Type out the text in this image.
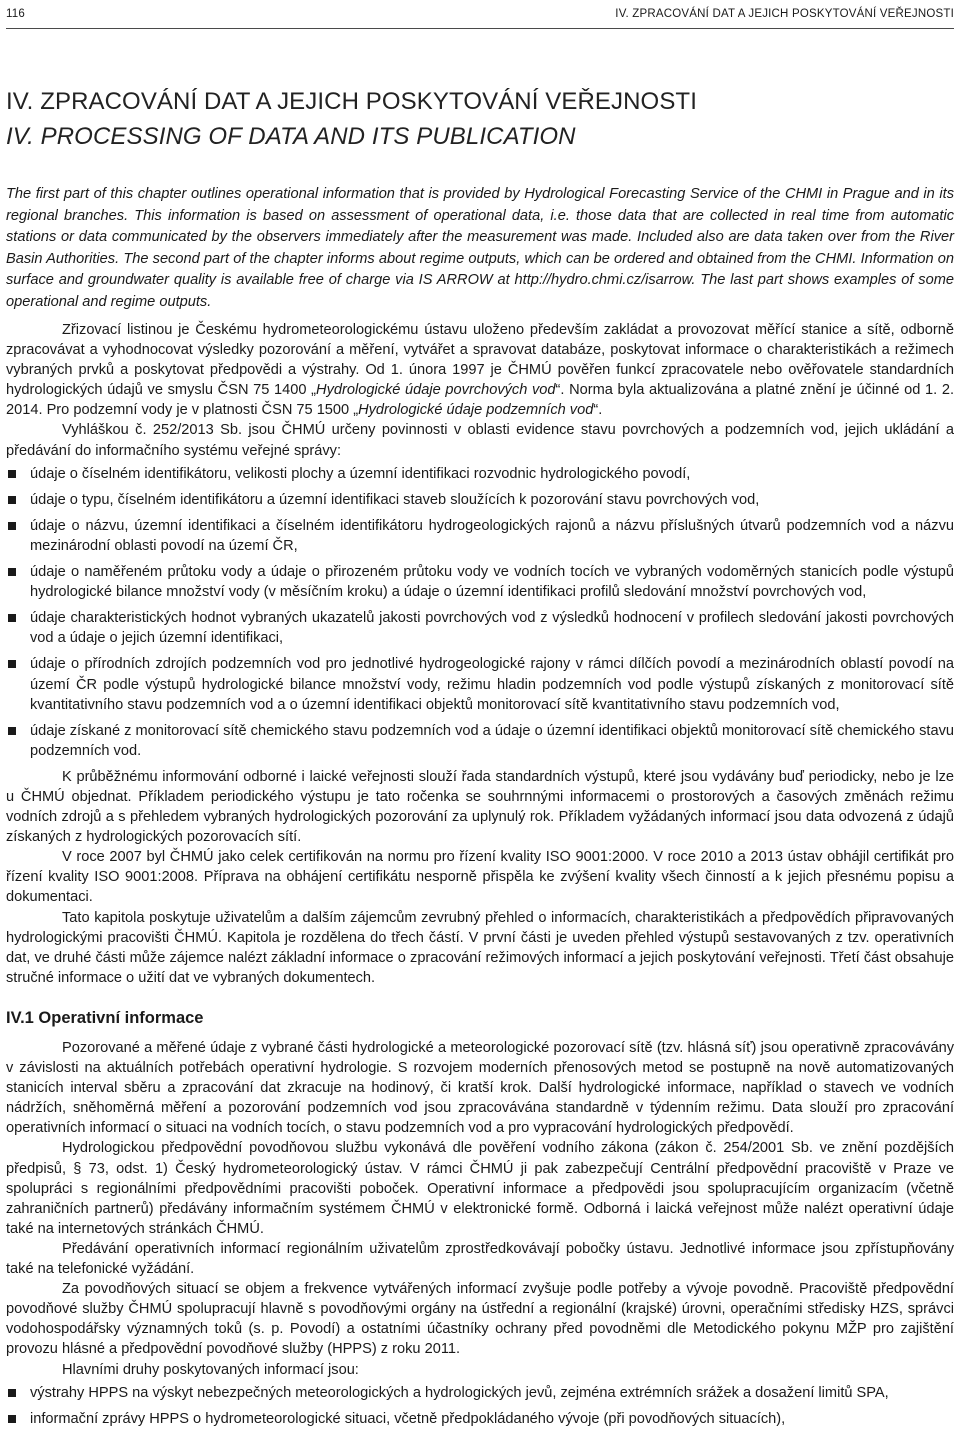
116	IV. ZPRACOVÁNÍ DAT A JEJICH POSKYTOVÁNÍ VEŘEJNOSTI
IV. ZPRACOVÁNÍ DAT A JEJICH POSKYTOVÁNÍ VEŘEJNOSTI
IV. PROCESSING OF DATA AND ITS PUBLICATION

The first part of this chapter outlines operational information that is provided by Hydrological Forecasting Service of the CHMI in Prague and in its regional branches. This information is based on assessment of operational data, i.e. those data that are collected in real time from automatic stations or data communicated by the observers immediately after the measurement was made. Included also are data taken over from the River Basin Authorities. The second part of the chapter informs about regime outputs, which can be ordered and obtained from the CHMI. Information on surface and groundwater quality is available free of charge via IS ARROW at http://hydro.chmi.cz/isarrow. The last part shows examples of some operational and regime outputs.

Zřizovací listinou je Českému hydrometeorologickému ústavu uloženo především zakládat a provozovat měřící stanice a sítě, odborně zpracovávat a vyhodnocovat výsledky pozorování a měření, vytvářet a spravovat databáze, poskytovat informace o charakteristikách a režimech vybraných prvků a poskytovat předpovědi a výstrahy. Od 1. února 1997 je ČHMÚ pověřen funkcí zpracovatele nebo ověřovatele standardních hydrologických údajů ve smyslu ČSN 75 1400 „Hydrologické údaje povrchových vod“. Norma byla aktualizována a platné znění je účinné od 1. 2. 2014. Pro podzemní vody je v platnosti ČSN 75 1500 „Hydrologické údaje podzemních vod“.

Vyhláškou č. 252/2013 Sb. jsou ČHMÚ určeny povinnosti v oblasti evidence stavu povrchových a podzemních vod, jejich ukládání a předávání do informačního systému veřejné správy:

údaje o číselném identifikátoru, velikosti plochy a územní identifikaci rozvodnic hydrologického povodí,
údaje o typu, číselném identifikátoru a územní identifikaci staveb sloužících k pozorování stavu povrchových vod,
údaje o názvu, územní identifikaci a číselném identifikátoru hydrogeologických rajonů a názvu příslušných útvarů podzemních vod a názvu mezinárodní oblasti povodí na území ČR,
údaje o naměřeném průtoku vody a údaje o přirozeném průtoku vody ve vodních tocích ve vybraných vodoměrných stanicích podle výstupů hydrologické bilance množství vody (v měsíčním kroku) a údaje o územní identifikaci profilů sledování množství povrchových vod,
údaje charakteristických hodnot vybraných ukazatelů jakosti povrchových vod z výsledků hodnocení v profilech sledování jakosti povrchových vod a údaje o jejich územní identifikaci,
údaje o přírodních zdrojích podzemních vod pro jednotlivé hydrogeologické rajony v rámci dílčích povodí a mezinárodních oblastí povodí na území ČR podle výstupů hydrologické bilance množství vody, režimu hladin podzemních vod podle výstupů získaných z monitorovací sítě kvantitativního stavu podzemních vod a o územní identifikaci objektů monitorovací sítě kvantitativního stavu podzemních vod,
údaje získané z monitorovací sítě chemického stavu podzemních vod a údaje o územní identifikaci objektů monitorovací sítě chemického stavu podzemních vod.

K průběžnému informování odborné i laické veřejnosti slouží řada standardních výstupů, které jsou vydávány buď periodicky, nebo je lze u ČHMÚ objednat. Příkladem periodického výstupu je tato ročenka se souhrnnými informacemi o prostorových a časových změnách režimu vodních zdrojů a s přehledem vybraných hydrologických pozorování za uplynulý rok. Příkladem vyžádaných informací jsou data odvozená z údajů získaných z hydrologických pozorovacích sítí.

V roce 2007 byl ČHMÚ jako celek certifikován na normu pro řízení kvality ISO 9001:2000. V roce 2010 a 2013 ústav obhájil certifikát pro řízení kvality ISO 9001:2008. Příprava na obhájení certifikátu nesporně přispěla ke zvýšení kvality všech činností a k jejich přesnému popisu a dokumentaci.

Tato kapitola poskytuje uživatelům a dalším zájemcům zevrubný přehled o informacích, charakteristikách a předpovědích připravovaných hydrologickými pracovišti ČHMÚ. Kapitola je rozdělena do třech částí. V první části je uveden přehled výstupů sestavovaných z tzv. operativních dat, ve druhé části může zájemce nalézt základní informace o zpracování režimových informací a jejich poskytování veřejnosti. Třetí část obsahuje stručné informace o užití dat ve vybraných dokumentech.

IV.1 Operativní informace

Pozorované a měřené údaje z vybrané části hydrologické a meteorologické pozorovací sítě (tzv. hlásná síť) jsou operativně zpracovávány v závislosti na aktuálních potřebách operativní hydrologie. S rozvojem moderních přenosových metod se postupně na nově automatizovaných stanicích interval sběru a zpracování dat zkracuje na hodinový, či kratší krok. Další hydrologické informace, například o stavech ve vodních nádržích, sněhoměrná měření a pozorování podzemních vod jsou zpracovávána standardně v týdenním režimu. Data slouží pro zpracování operativních informací o situaci na vodních tocích, o stavu podzemních vod a pro vypracování hydrologických předpovědí.

Hydrologickou předpovědní povodňovou službu vykonává dle pověření vodního zákona (zákon č. 254/2001 Sb. ve znění pozdějších předpisů, § 73, odst. 1) Český hydrometeorologický ústav. V rámci ČHMÚ ji pak zabezpečují Centrální předpovědní pracoviště v Praze ve spolupráci s regionálními předpovědními pracovišti poboček. Operativní informace a předpovědi jsou spolupracujícím organizacím (včetně zahraničních partnerů) předávány informačním systémem ČHMÚ v elektronické formě. Odborná i laická veřejnost může nalézt operativní údaje také na internetových stránkách ČHMÚ.

Předávání operativních informací regionálním uživatelům zprostředkovávají pobočky ústavu. Jednotlivé informace jsou zpřístupňovány také na telefonické vyžádání.

Za povodňových situací se objem a frekvence vytvářených informací zvyšuje podle potřeby a vývoje povodně. Pracoviště předpovědní povodňové služby ČHMÚ spolupracují hlavně s povodňovými orgány na ústřední a regionální (krajské) úrovni, operačními středisky HZS, správci vodohospodářsky významných toků (s. p. Povodí) a ostatními účastníky ochrany před povodněmi dle Metodického pokynu MŽP pro zajištění provozu hlásné a předpovědní povodňové služby (HPPS) z roku 2011.

Hlavními druhy poskytovaných informací jsou:

výstrahy HPPS na výskyt nebezpečných meteorologických a hydrologických jevů, zejména extrémních srážek a dosažení limitů SPA,
informační zprávy HPPS o hydrometeorologické situaci, včetně předpokládaného vývoje (při povodňových situacích),
